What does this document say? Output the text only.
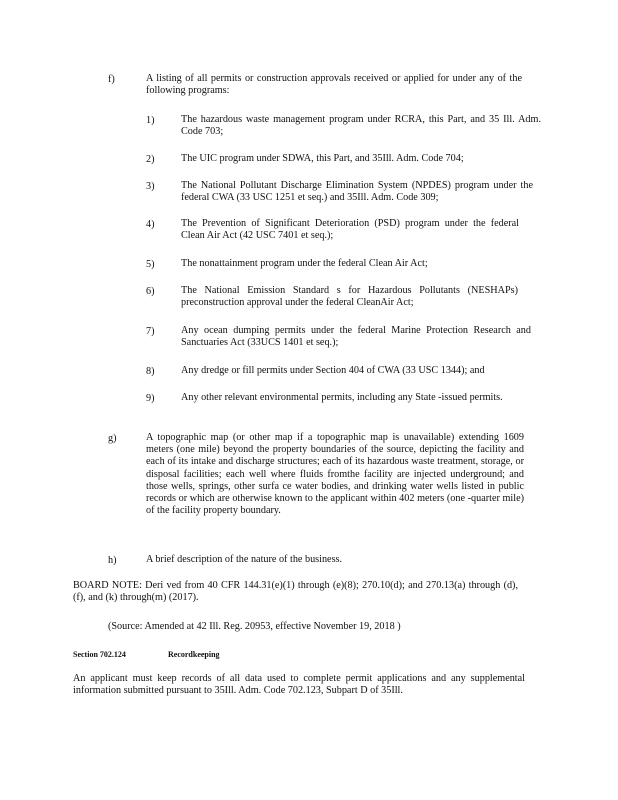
f)	A listing of all permits or construction approvals received or applied for under any of the following programs:
1)	The hazardous waste management program under RCRA, this Part, and 35 Ill. Adm. Code 703;
2)	The UIC program under SDWA, this Part, and 35Ill. Adm. Code 704;
3)	The National Pollutant Discharge Elimination System (NPDES) program under the federal CWA (33 USC 1251 et seq.) and 35Ill. Adm. Code 309;
4)	The Prevention of Significant Deterioration (PSD) program under the federal Clean Air Act (42 USC 7401 et seq.);
5)	The nonattainment program under the federal Clean Air Act;
6)	The National Emission Standard s for Hazardous Pollutants (NESHAPs) preconstruction approval under the federal CleanAir Act;
7)	Any ocean dumping permits under the federal Marine Protection Research and Sanctuaries Act (33UCS 1401 et seq.);
8)	Any dredge or fill permits under Section 404 of CWA (33 USC 1344); and
9)	Any other relevant environmental permits, including any State -issued permits.
g)	A topographic map (or other map if a topographic map is unavailable) extending 1609 meters (one mile) beyond the property boundaries of the source, depicting the facility and each of its intake and discharge structures; each of its hazardous waste treatment, storage, or disposal facilities; each well where fluids fromthe facility are injected underground; and those wells, springs, other surfa ce water bodies, and drinking water wells listed in public records or which are otherwise known to the applicant within 402 meters (one -quarter mile) of the facility property boundary.
h)	A brief description of the nature of the business.
BOARD NOTE: Deri ved from 40 CFR 144.31(e)(1) through (e)(8); 270.10(d); and 270.13(a) through (d), (f), and (k) through(m) (2017).
(Source: Amended at 42 Ill. Reg. 20953, effective November 19, 2018 )
Section 702.124	Recordkeeping
An applicant must keep records of all data used to complete permit applications and any supplemental information submitted pursuant to 35Ill. Adm. Code 702.123, Subpart D of 35Ill.
